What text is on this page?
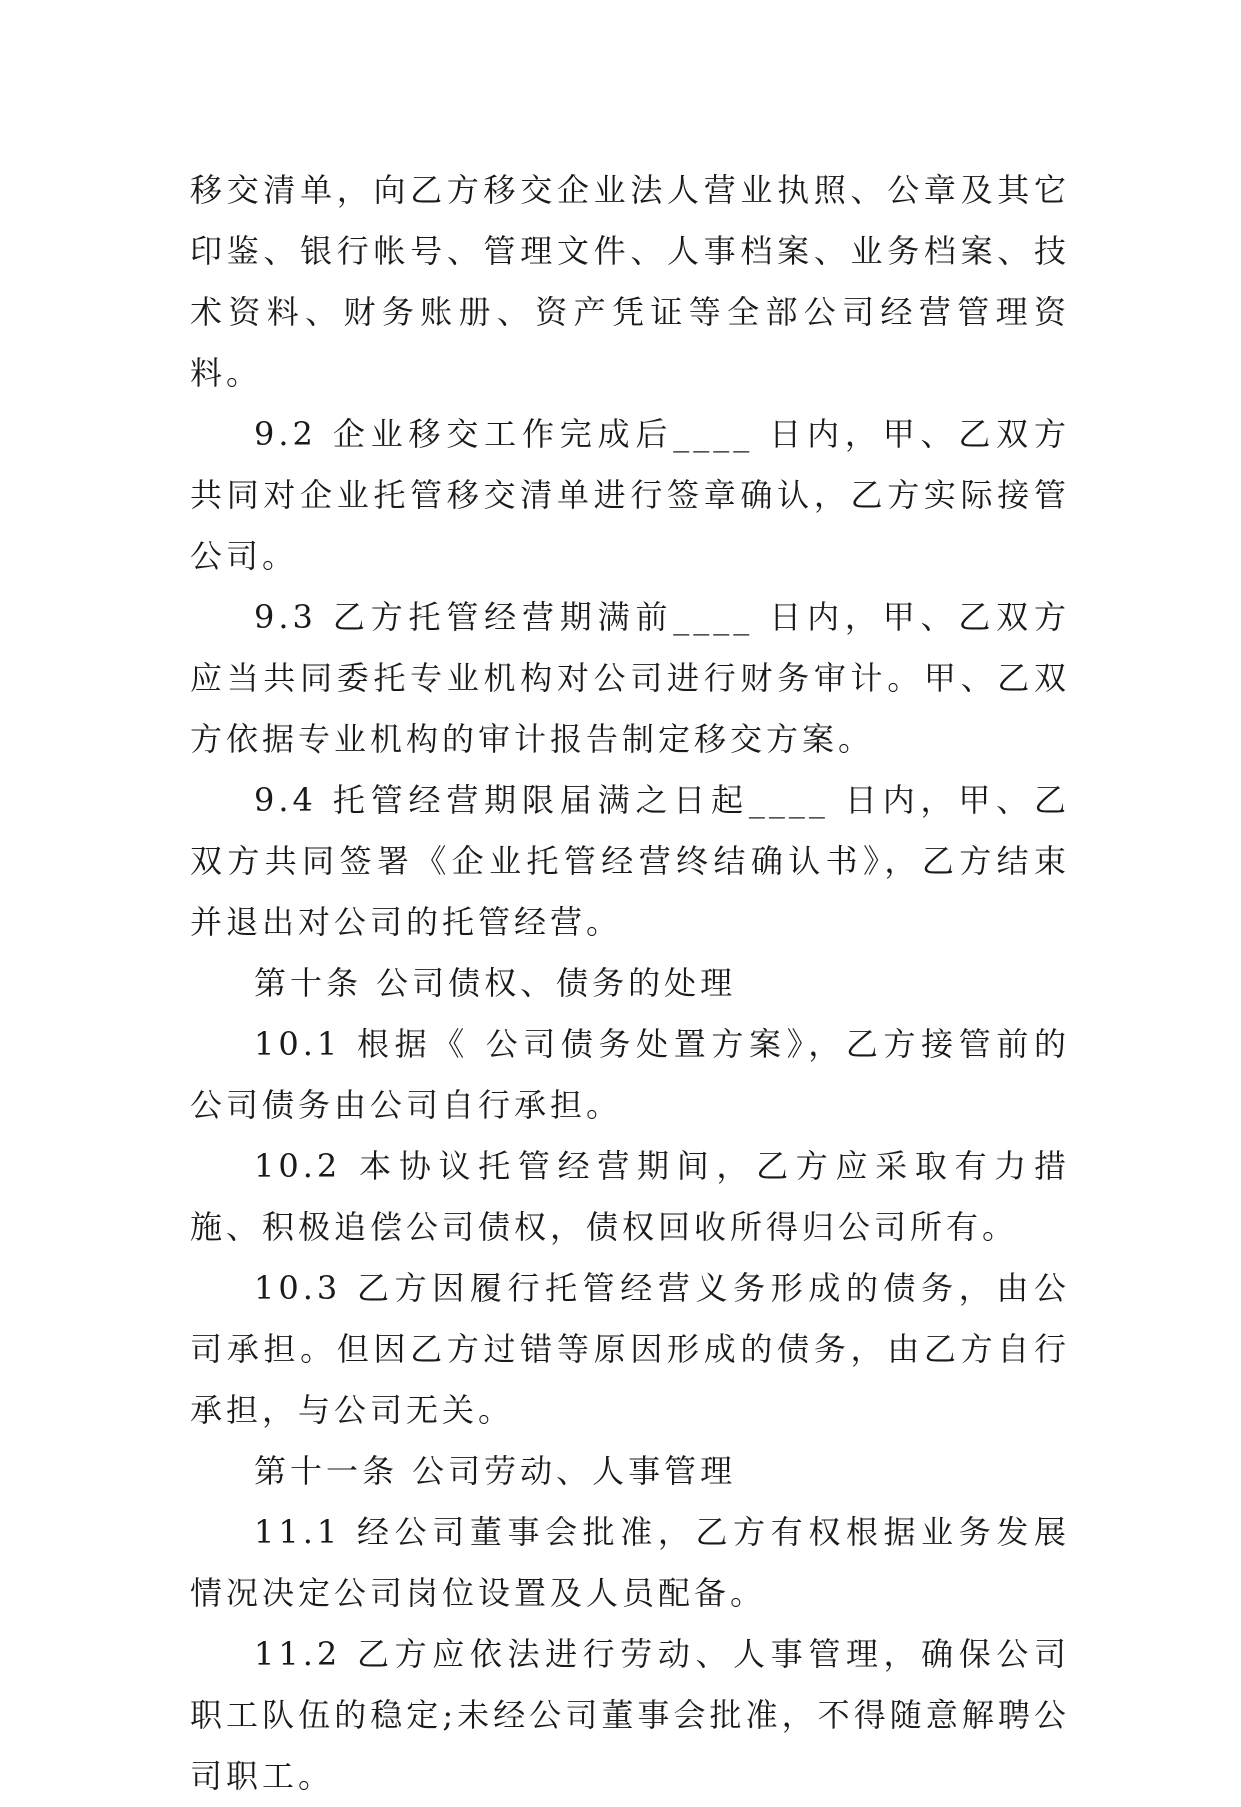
移交清单，向乙方移交企业法人营业执照、公章及其它印鉴、银行帐号、管理文件、人事档案、业务档案、技术资料、财务账册、资产凭证等全部公司经营管理资料。

9.2 企业移交工作完成后____ 日内，甲、乙双方共同对企业托管移交清单进行签章确认，乙方实际接管公司。

9.3 乙方托管经营期满前____ 日内，甲、乙双方应当共同委托专业机构对公司进行财务审计。甲、乙双方依据专业机构的审计报告制定移交方案。

9.4 托管经营期限届满之日起____ 日内，甲、乙双方共同签署《企业托管经营终结确认书》，乙方结束并退出对公司的托管经营。

第十条 公司债权、债务的处理

10.1 根据《 公司债务处置方案》，乙方接管前的公司债务由公司自行承担。

10.2 本协议托管经营期间，乙方应采取有力措施、积极追偿公司债权，债权回收所得归公司所有。

10.3 乙方因履行托管经营义务形成的债务，由公司承担。但因乙方过错等原因形成的债务，由乙方自行承担，与公司无关。

第十一条 公司劳动、人事管理

11.1 经公司董事会批准，乙方有权根据业务发展情况决定公司岗位设置及人员配备。

11.2 乙方应依法进行劳动、人事管理，确保公司职工队伍的稳定;未经公司董事会批准，不得随意解聘公司职工。
